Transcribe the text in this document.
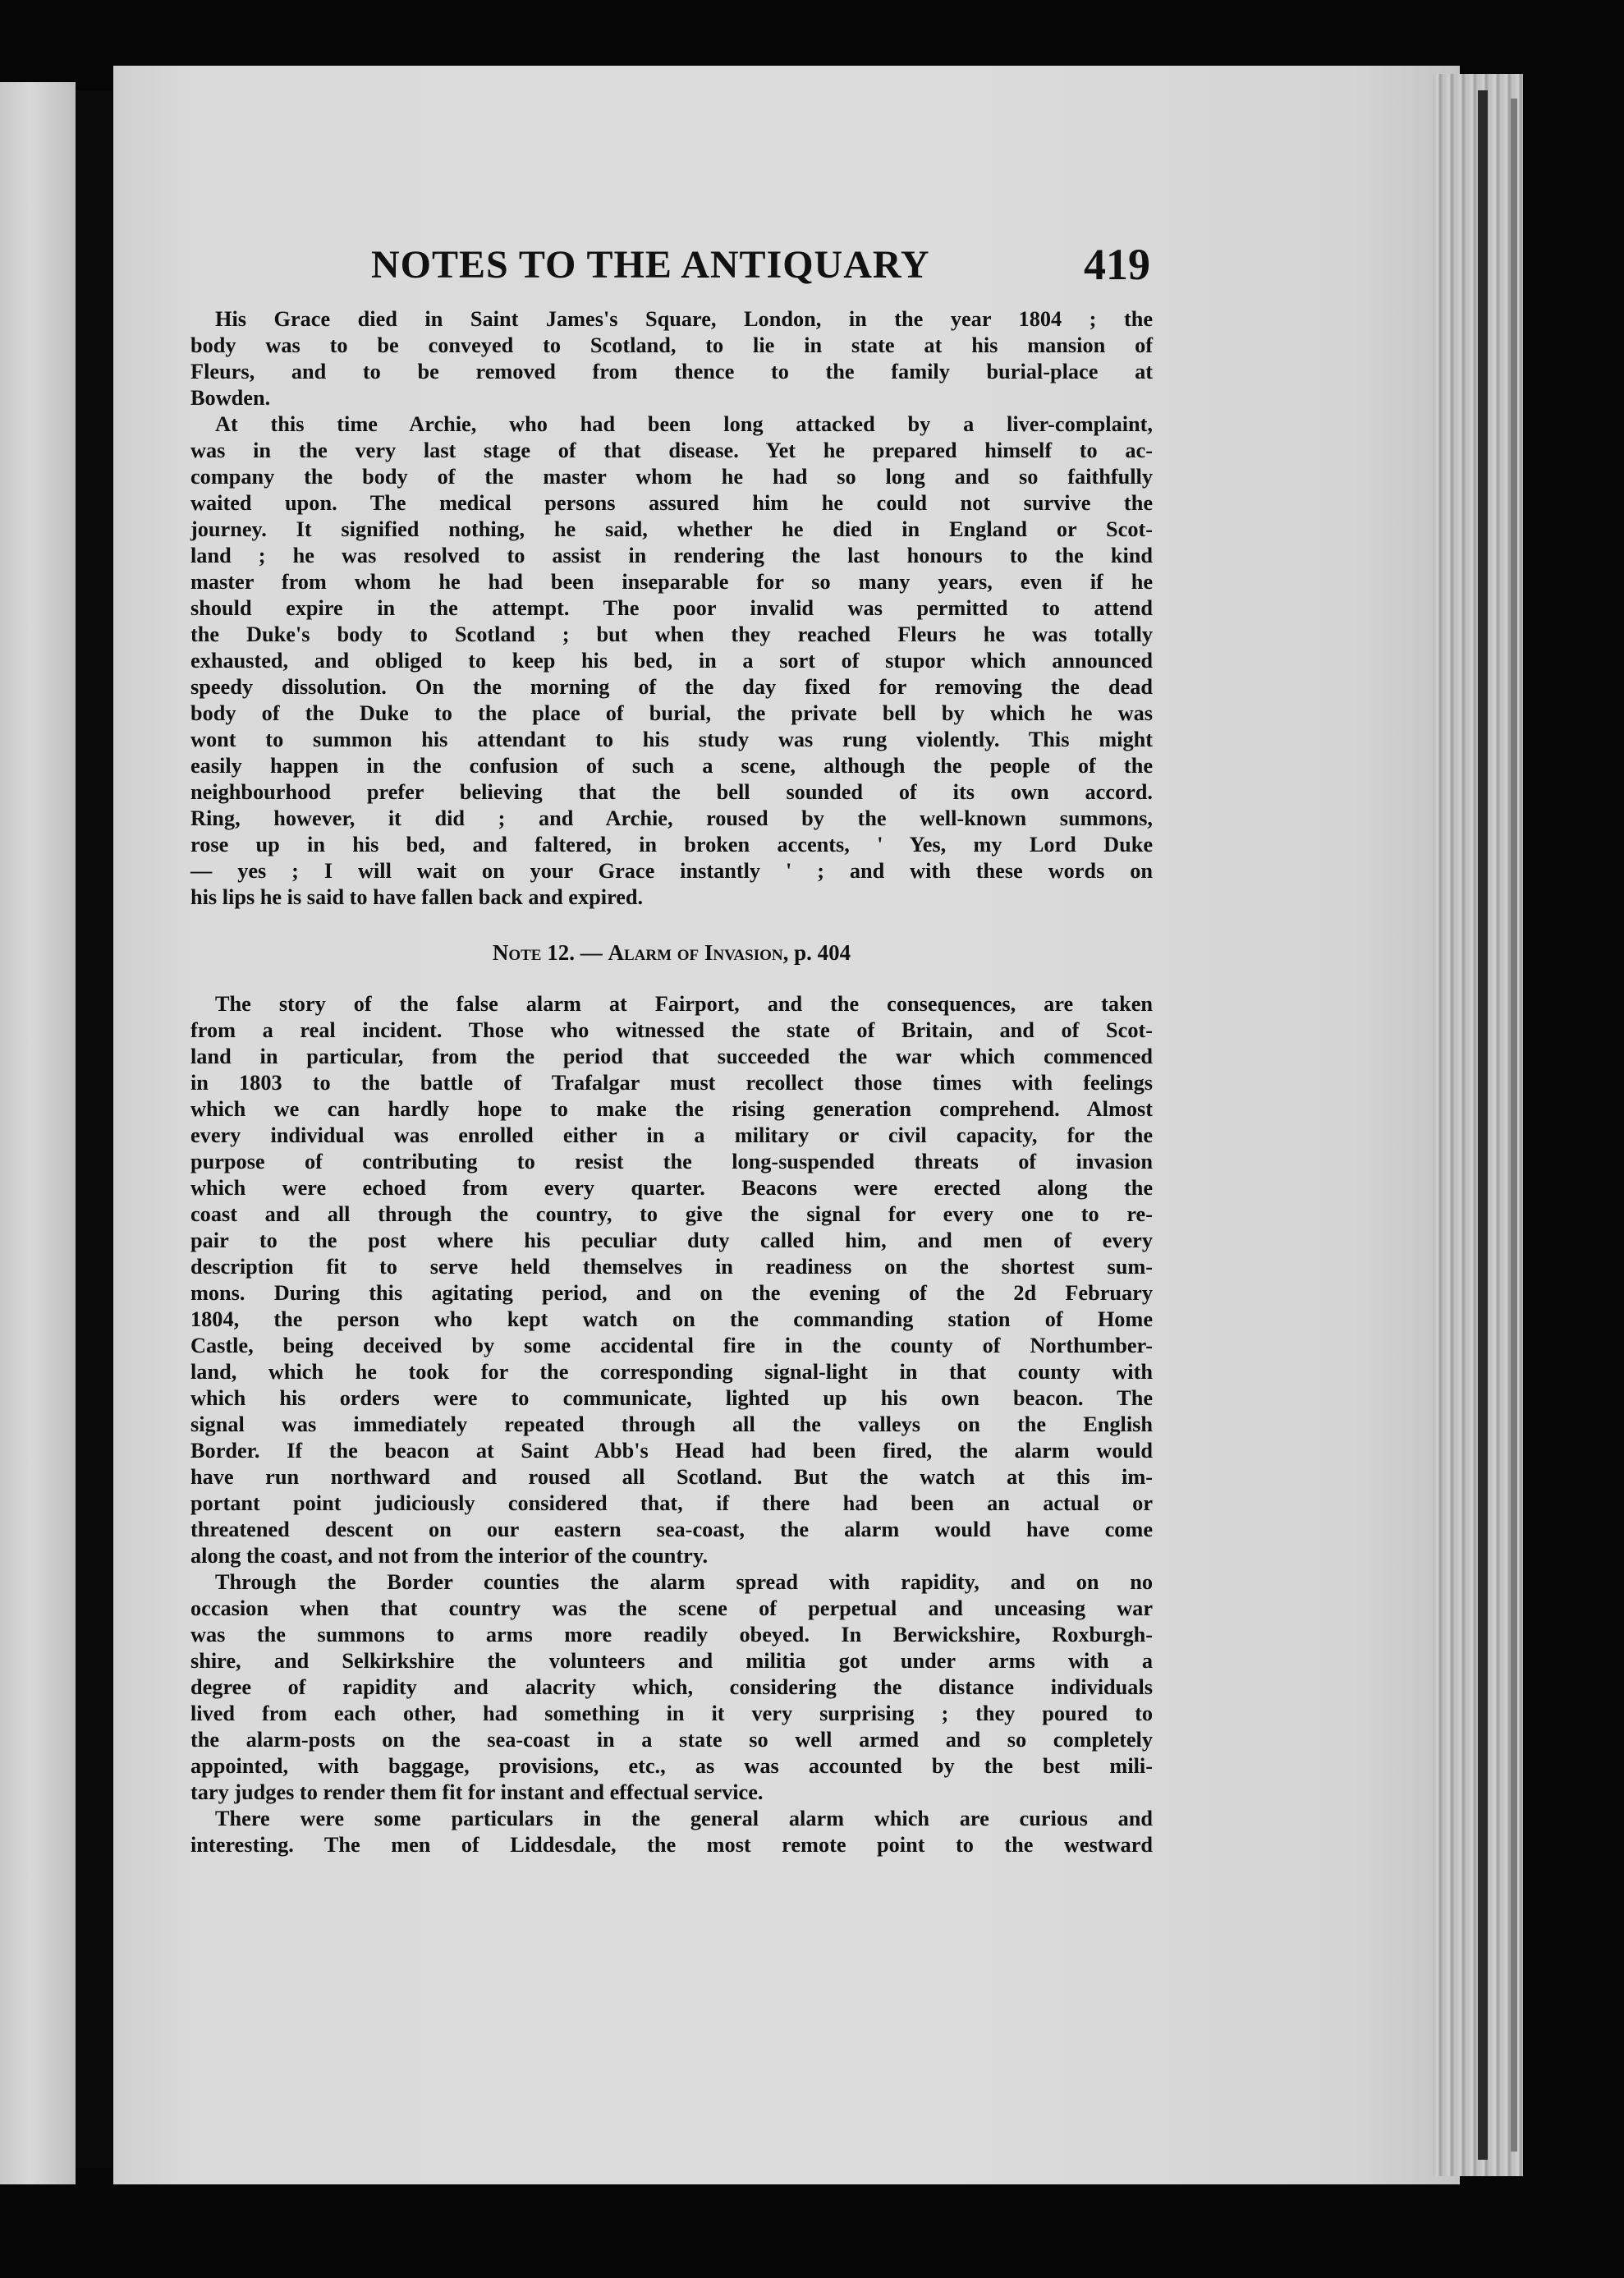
NOTES TO THE ANTIQUARY	419
His Grace died in Saint James's Square, London, in the year 1804 ; the
body was to be conveyed to Scotland, to lie in state at his mansion of
Fleurs, and to be removed from thence to the family burial-place at
Bowden.
At this time Archie, who had been long attacked by a liver-complaint,
was in the very last stage of that disease. Yet he prepared himself to ac-
company the body of the master whom he had so long and so faithfully
waited upon. The medical persons assured him he could not survive the
journey. It signified nothing, he said, whether he died in England or Scot-
land ; he was resolved to assist in rendering the last honours to the kind
master from whom he had been inseparable for so many years, even if he
should expire in the attempt. The poor invalid was permitted to attend
the Duke's body to Scotland ; but when they reached Fleurs he was totally
exhausted, and obliged to keep his bed, in a sort of stupor which announced
speedy dissolution. On the morning of the day fixed for removing the dead
body of the Duke to the place of burial, the private bell by which he was
wont to summon his attendant to his study was rung violently. This might
easily happen in the confusion of such a scene, although the people of the
neighbourhood prefer believing that the bell sounded of its own accord.
Ring, however, it did ; and Archie, roused by the well-known summons,
rose up in his bed, and faltered, in broken accents, ' Yes, my Lord Duke
— yes ; I will wait on your Grace instantly ' ; and with these words on
his lips he is said to have fallen back and expired.
Note 12. — Alarm of Invasion, p. 404
The story of the false alarm at Fairport, and the consequences, are taken
from a real incident. Those who witnessed the state of Britain, and of Scot-
land in particular, from the period that succeeded the war which commenced
in 1803 to the battle of Trafalgar must recollect those times with feelings
which we can hardly hope to make the rising generation comprehend. Almost
every individual was enrolled either in a military or civil capacity, for the
purpose of contributing to resist the long-suspended threats of invasion
which were echoed from every quarter. Beacons were erected along the
coast and all through the country, to give the signal for every one to re-
pair to the post where his peculiar duty called him, and men of every
description fit to serve held themselves in readiness on the shortest sum-
mons. During this agitating period, and on the evening of the 2d February
1804, the person who kept watch on the commanding station of Home
Castle, being deceived by some accidental fire in the county of Northumber-
land, which he took for the corresponding signal-light in that county with
which his orders were to communicate, lighted up his own beacon. The
signal was immediately repeated through all the valleys on the English
Border. If the beacon at Saint Abb's Head had been fired, the alarm would
have run northward and roused all Scotland. But the watch at this im-
portant point judiciously considered that, if there had been an actual or
threatened descent on our eastern sea-coast, the alarm would have come
along the coast, and not from the interior of the country.
Through the Border counties the alarm spread with rapidity, and on no
occasion when that country was the scene of perpetual and unceasing war
was the summons to arms more readily obeyed. In Berwickshire, Roxburgh-
shire, and Selkirkshire the volunteers and militia got under arms with a
degree of rapidity and alacrity which, considering the distance individuals
lived from each other, had something in it very surprising ; they poured to
the alarm-posts on the sea-coast in a state so well armed and so completely
appointed, with baggage, provisions, etc., as was accounted by the best mili-
tary judges to render them fit for instant and effectual service.
There were some particulars in the general alarm which are curious and
interesting. The men of Liddesdale, the most remote point to the westward
